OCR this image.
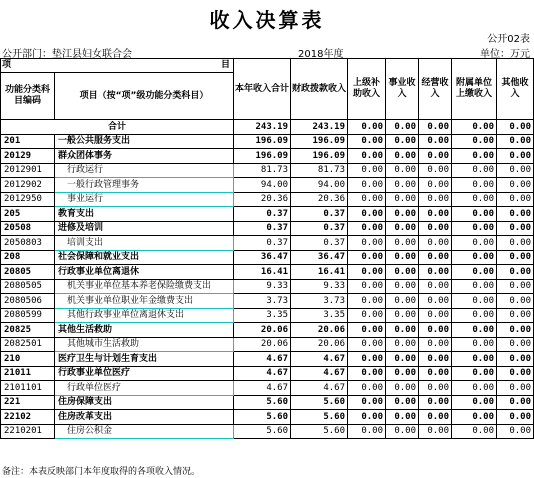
收入决算表
公开02表
公开部门：垫江县妇女联合会	2018年度	单位：万元
项 目		本年收入合计	财政拨款收入	上级补助收入	事业收入	经营收入	附属单位上缴收入	其他收入
功能分类科目编码	项目（按“项”级功能分类科目）							
合计		243.19	243.19	0.00	0.00	0.00	0.00	0.00
201	一般公共服务支出	196.09	196.09	0.00	0.00	0.00	0.00	0.00
20129	群众团体事务	196.09	196.09	0.00	0.00	0.00	0.00	0.00
2012901	行政运行	81.73	81.73	0.00	0.00	0.00	0.00	0.00
2012902	一般行政管理事务	94.00	94.00	0.00	0.00	0.00	0.00	0.00
2012950	事业运行	20.36	20.36	0.00	0.00	0.00	0.00	0.00
205	教育支出	0.37	0.37	0.00	0.00	0.00	0.00	0.00
20508	进修及培训	0.37	0.37	0.00	0.00	0.00	0.00	0.00
2050803	培训支出	0.37	0.37	0.00	0.00	0.00	0.00	0.00
208	社会保障和就业支出	36.47	36.47	0.00	0.00	0.00	0.00	0.00
20805	行政事业单位离退休	16.41	16.41	0.00	0.00	0.00	0.00	0.00
2080505	机关事业单位基本养老保险缴费支出	9.33	9.33	0.00	0.00	0.00	0.00	0.00
2080506	机关事业单位职业年金缴费支出	3.73	3.73	0.00	0.00	0.00	0.00	0.00
2080599	其他行政事业单位离退休支出	3.35	3.35	0.00	0.00	0.00	0.00	0.00
20825	其他生活救助	20.06	20.06	0.00	0.00	0.00	0.00	0.00
2082501	其他城市生活救助	20.06	20.06	0.00	0.00	0.00	0.00	0.00
210	医疗卫生与计划生育支出	4.67	4.67	0.00	0.00	0.00	0.00	0.00
21011	行政事业单位医疗	4.67	4.67	0.00	0.00	0.00	0.00	0.00
2101101	行政单位医疗	4.67	4.67	0.00	0.00	0.00	0.00	0.00
221	住房保障支出	5.60	5.60	0.00	0.00	0.00	0.00	0.00
22102	住房改革支出	5.60	5.60	0.00	0.00	0.00	0.00	0.00
2210201	住房公积金	5.60	5.60	0.00	0.00	0.00	0.00	0.00
备注：本表反映部门本年度取得的各项收入情况。
